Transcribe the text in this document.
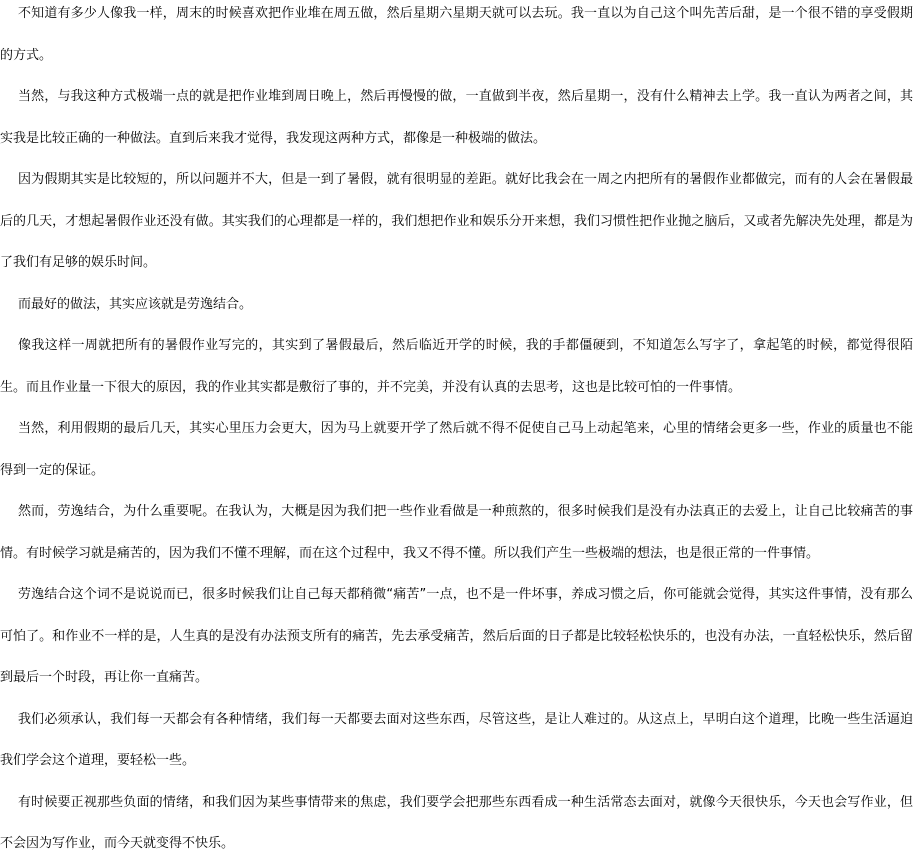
不知道有多少人像我一样，周末的时候喜欢把作业堆在周五做，然后星期六星期天就可以去玩。我一直以为自己这个叫先苦后甜，是一个很不错的享受假期的方式。

当然，与我这种方式极端一点的就是把作业堆到周日晚上，然后再慢慢的做，一直做到半夜，然后星期一，没有什么精神去上学。我一直认为两者之间，其实我是比较正确的一种做法。直到后来我才觉得，我发现这两种方式，都像是一种极端的做法。

因为假期其实是比较短的，所以问题并不大，但是一到了暑假，就有很明显的差距。就好比我会在一周之内把所有的暑假作业都做完，而有的人会在暑假最后的几天，才想起暑假作业还没有做。其实我们的心理都是一样的，我们想把作业和娱乐分开来想，我们习惯性把作业抛之脑后，又或者先解决先处理，都是为了我们有足够的娱乐时间。

而最好的做法，其实应该就是劳逸结合。

像我这样一周就把所有的暑假作业写完的，其实到了暑假最后，然后临近开学的时候，我的手都僵硬到，不知道怎么写字了，拿起笔的时候，都觉得很陌生。而且作业量一下很大的原因，我的作业其实都是敷衍了事的，并不完美，并没有认真的去思考，这也是比较可怕的一件事情。

当然，利用假期的最后几天，其实心里压力会更大，因为马上就要开学了然后就不得不促使自己马上动起笔来，心里的情绪会更多一些，作业的质量也不能得到一定的保证。

然而，劳逸结合，为什么重要呢。在我认为，大概是因为我们把一些作业看做是一种煎熬的，很多时候我们是没有办法真正的去爱上，让自己比较痛苦的事情。有时候学习就是痛苦的，因为我们不懂不理解，而在这个过程中，我又不得不懂。所以我们产生一些极端的想法，也是很正常的一件事情。

劳逸结合这个词不是说说而已，很多时候我们让自己每天都稍微“痛苦”一点，也不是一件坏事，养成习惯之后，你可能就会觉得，其实这件事情，没有那么可怕了。和作业不一样的是，人生真的是没有办法预支所有的痛苦，先去承受痛苦，然后后面的日子都是比较轻松快乐的，也没有办法，一直轻松快乐，然后留到最后一个时段，再让你一直痛苦。

我们必须承认，我们每一天都会有各种情绪，我们每一天都要去面对这些东西，尽管这些，是让人难过的。从这点上，早明白这个道理，比晚一些生活逼迫我们学会这个道理，要轻松一些。

有时候要正视那些负面的情绪，和我们因为某些事情带来的焦虑，我们要学会把那些东西看成一种生活常态去面对，就像今天很快乐，今天也会写作业，但不会因为写作业，而今天就变得不快乐。
